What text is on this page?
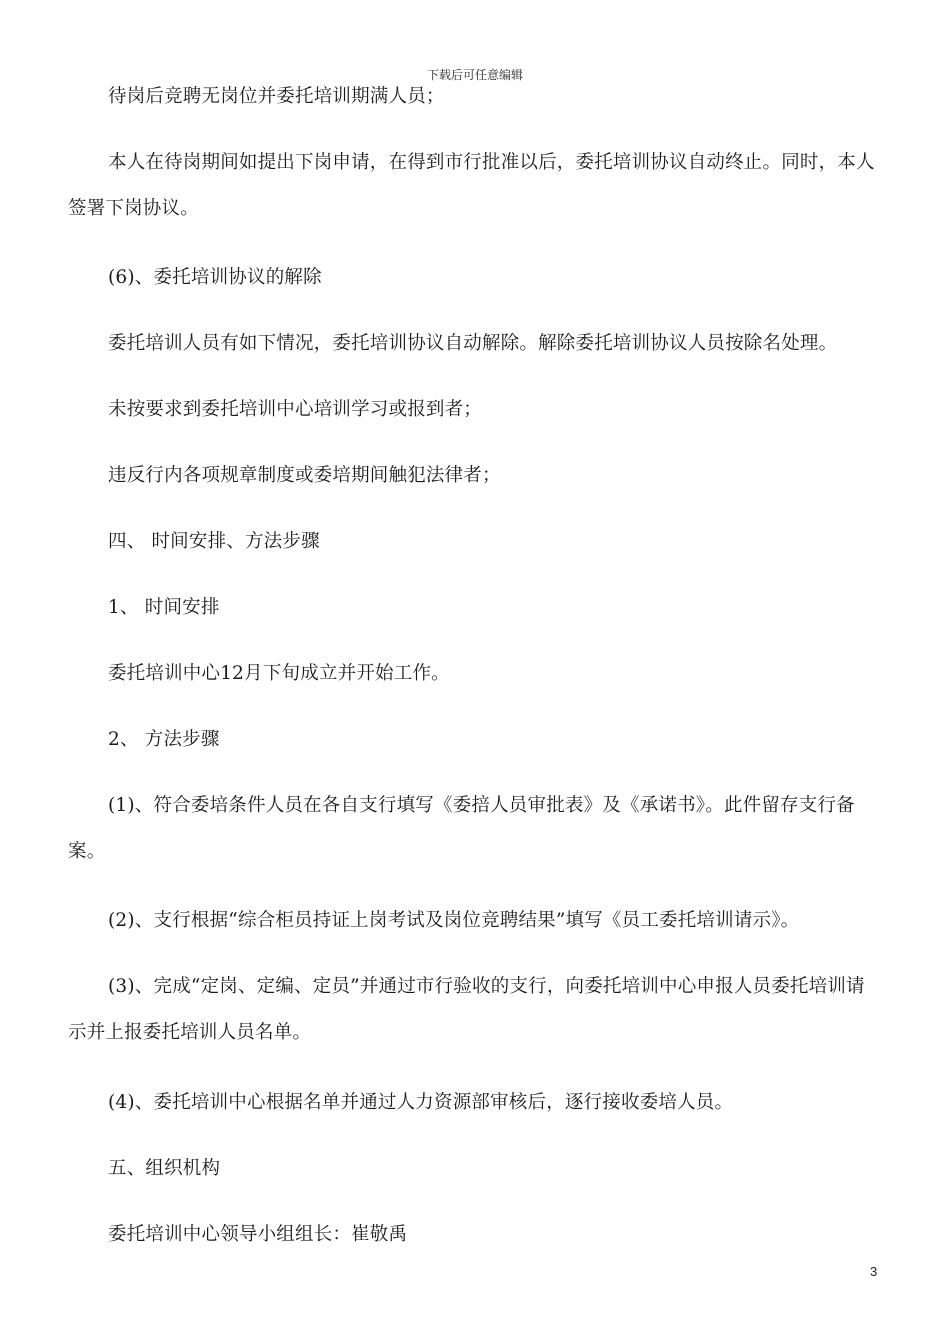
下载后可任意编辑
待岗后竞聘无岗位并委托培训期满人员；
本人在待岗期间如提出下岗申请，在得到市行批准以后，委托培训协议自动终止。同时，本人签署下岗协议。
(6)、委托培训协议的解除
委托培训人员有如下情况，委托培训协议自动解除。解除委托培训协议人员按除名处理。
未按要求到委托培训中心培训学习或报到者；
违反行内各项规章制度或委培期间触犯法律者；
四、 时间安排、方法步骤
1、 时间安排
委托培训中心12月下旬成立并开始工作。
2、 方法步骤
(1)、符合委培条件人员在各自支行填写《委掊人员审批表》及《承诺书》。此件留存支行备案。
(2)、支行根据“综合柜员持证上岗考试及岗位竞聘结果”填写《员工委托培训请示》。
(3)、完成“定岗、定编、定员”并通过市行验收的支行，向委托培训中心申报人员委托培训请示并上报委托培训人员名单。
(4)、委托培训中心根据名单并通过人力资源部审核后，逐行接收委培人员。
五、组织机构
委托培训中心领导小组组长：崔敬禹
3
